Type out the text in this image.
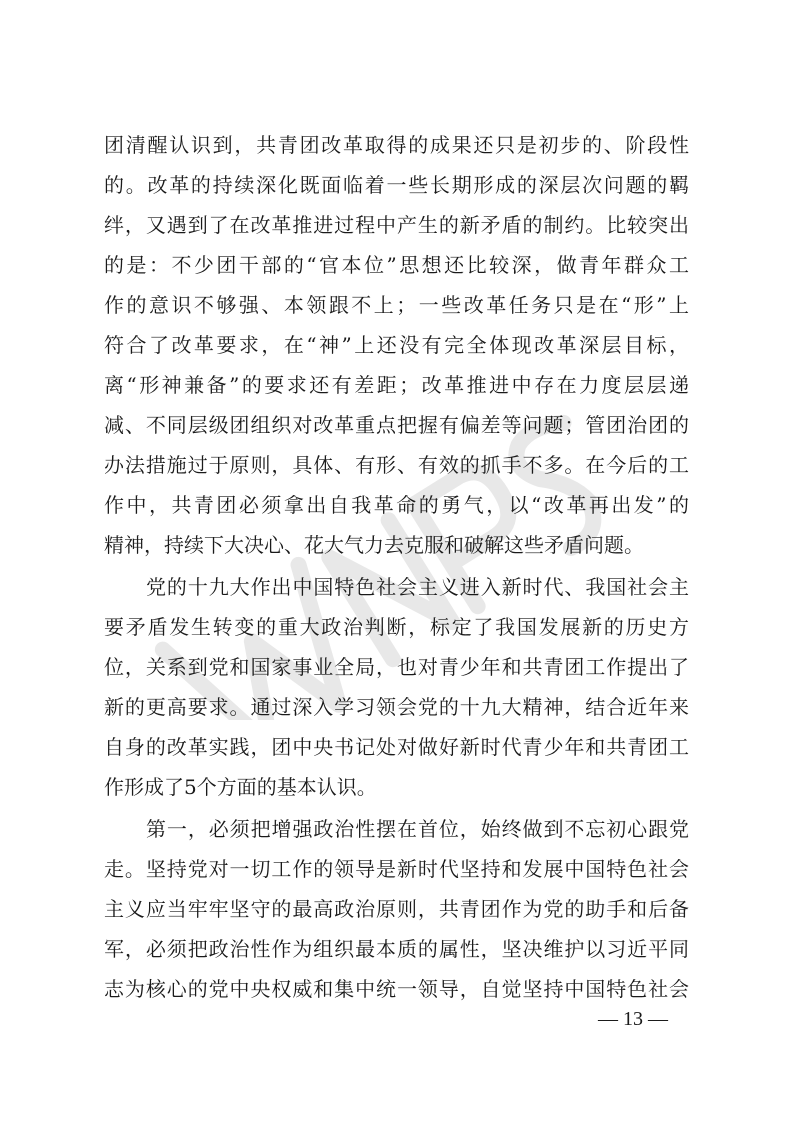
团清醒认识到，共青团改革取得的成果还只是初步的、阶段性
的。改革的持续深化既面临着一些长期形成的深层次问题的羁
绊，又遇到了在改革推进过程中产生的新矛盾的制约。比较突出
的是：不少团干部的“官本位”思想还比较深，做青年群众工
作的意识不够强、本领跟不上；一些改革任务只是在“形”上
符合了改革要求，在“神”上还没有完全体现改革深层目标，
离“形神兼备”的要求还有差距；改革推进中存在力度层层递
减、不同层级团组织对改革重点把握有偏差等问题；管团治团的
办法措施过于原则，具体、有形、有效的抓手不多。在今后的工
作中，共青团必须拿出自我革命的勇气，以“改革再出发”的
精神，持续下大决心、花大气力去克服和破解这些矛盾问题。
党的十九大作出中国特色社会主义进入新时代、我国社会主
要矛盾发生转变的重大政治判断，标定了我国发展新的历史方
位，关系到党和国家事业全局，也对青少年和共青团工作提出了
新的更高要求。通过深入学习领会党的十九大精神，结合近年来
自身的改革实践，团中央书记处对做好新时代青少年和共青团工
作形成了5个方面的基本认识。
第一，必须把增强政治性摆在首位，始终做到不忘初心跟党
走。坚持党对一切工作的领导是新时代坚持和发展中国特色社会
主义应当牢牢坚守的最高政治原则，共青团作为党的助手和后备
军，必须把政治性作为组织最本质的属性，坚决维护以习近平同
志为核心的党中央权威和集中统一领导，自觉坚持中国特色社会
— 13 —
